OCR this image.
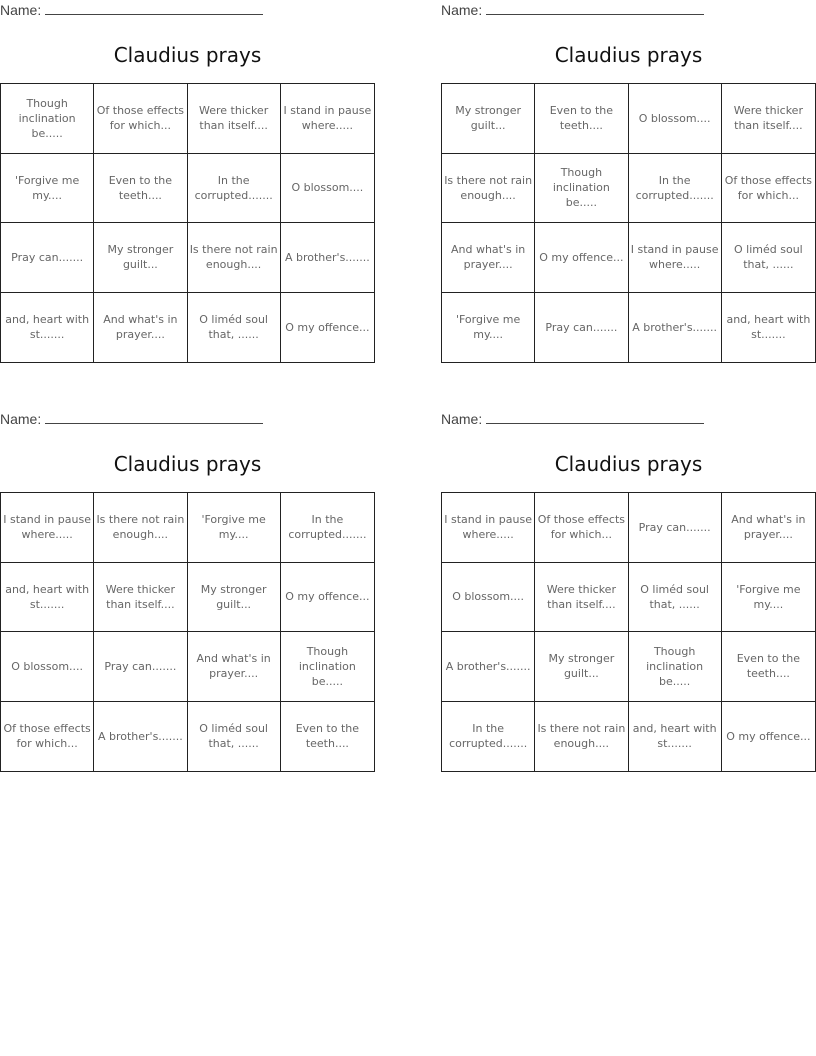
Name:
Claudius prays
Though inclination be.....
Of those effects for which...
Were thicker than itself....
I stand in pause where.....
'Forgive me my....
Even to the teeth....
In the corrupted.......
O blossom....
Pray can.......
My stronger guilt...
Is there not rain enough....
A brother's.......
and, heart with st.......
And what's in prayer....
O liméd soul that, ......
O my offence...
Name:
Claudius prays
My stronger guilt...
Even to the teeth....
O blossom....
Were thicker than itself....
Is there not rain enough....
Though inclination be.....
In the corrupted.......
Of those effects for which...
And what's in prayer....
O my offence...
I stand in pause where.....
O liméd soul that, ......
'Forgive me my....
Pray can.......	A brother's.......
and, heart with st.......
Name:
Claudius prays
I stand in pause where.....
Is there not rain enough....
'Forgive me my....
In the corrupted.......
and, heart with st.......
Were thicker than itself....
My stronger guilt...
O my offence...
O blossom....	Pray can.......
And what's in prayer....
Though inclination be.....
Of those effects for which...
A brother's.......
O liméd soul that, ......
Even to the teeth....
Name:
Claudius prays
I stand in pause where.....
Of those effects for which...
Pray can.......
And what's in prayer....
O blossom....
Were thicker than itself....
O liméd soul that, ......
'Forgive me my....
A brother's.......
My stronger guilt...
Though inclination be.....
Even to the teeth....
In the corrupted.......
Is there not rain enough....
and, heart with st.......
O my offence...
